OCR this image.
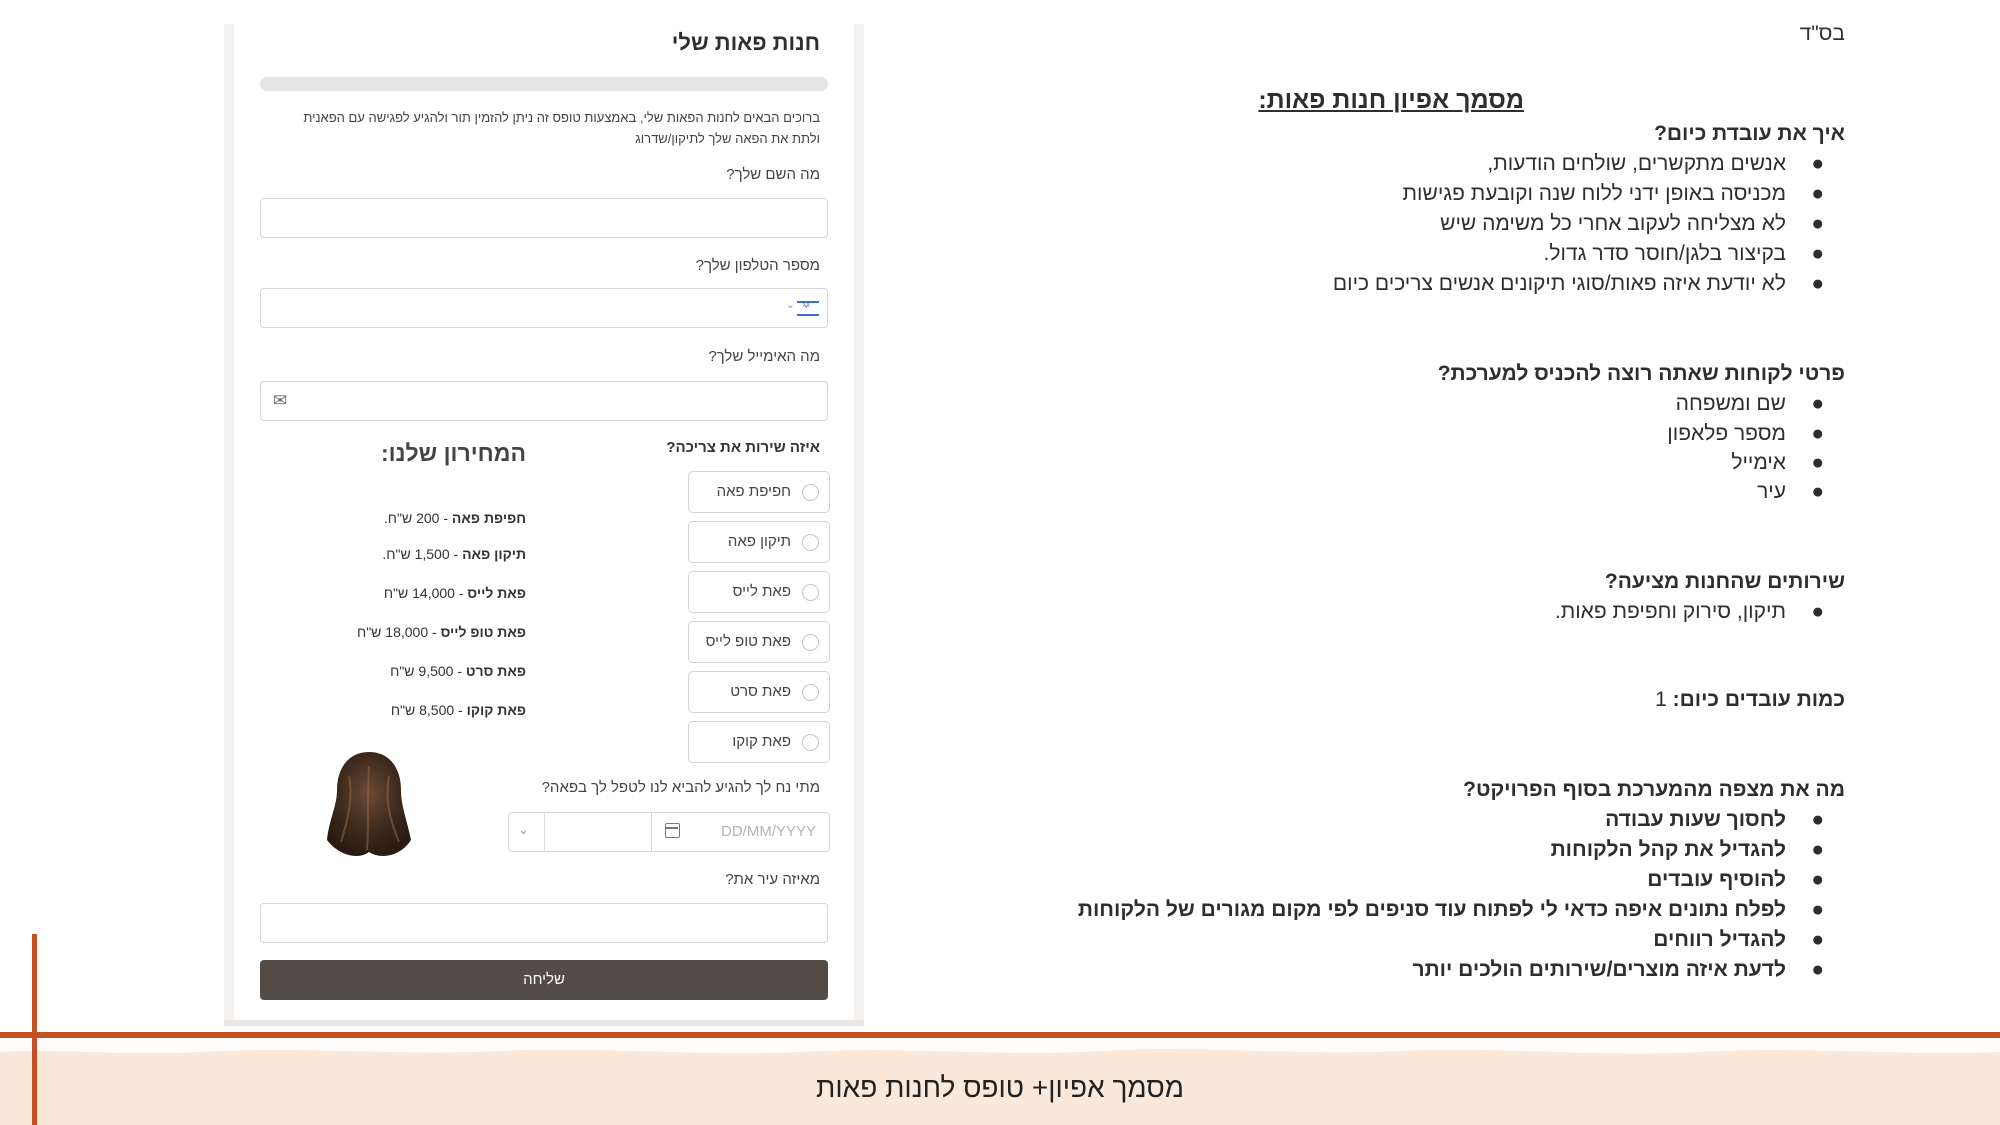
חנות פאות שלי
ברוכים הבאים לחנות הפאות שלי, באמצעות טופס זה ניתן להזמין תור ולהגיע לפגישה עם הפאנית
ולתת את הפאה שלך לתיקון/שדרוג
מה השם שלך?
מספר הטלפון שלך?
✡
⌄
מה האימייל שלך?
✉
איזה שירות את צריכה?
חפיפת פאה
תיקון פאה
פאת לייס
פאת טופ לייס
פאת סרט
פאת קוקו
המחירון שלנו:
חפיפת פאה - 200 ש"ח.
תיקון פאה - 1,500 ש"ח.
פאת לייס - 14,000 ש"ח
פאת טופ לייס - 18,000 ש"ח
פאת סרט - 9,500 ש"ח
פאת קוקו - 8,500 ש"ח
מתי נח לך להגיע להביא לנו לטפל לך בפאה?
⌄	DD/MM/YYYY
מאיזה עיר את?
שליחה
בס"ד
מסמך אפיון חנות פאות:
איך את עובדת כיום?
●
אנשים מתקשרים, שולחים הודעות,
●
מכניסה באופן ידני ללוח שנה וקובעת פגישות
●
לא מצליחה לעקוב אחרי כל משימה שיש
●
בקיצור בלגן/חוסר סדר גדול.
●
לא יודעת איזה פאות/סוגי תיקונים אנשים צריכים כיום
פרטי לקוחות שאתה רוצה להכניס למערכת?
●
שם ומשפחה
●
מספר פלאפון
●
אימייל
●
עיר
שירותים שהחנות מציעה?
●
תיקון, סירוק וחפיפת פאות.
כמות עובדים כיום: 1
מה את מצפה מהמערכת בסוף הפרויקט?
●
לחסוך שעות עבודה
●
להגדיל את קהל הלקוחות
●
להוסיף עובדים
●
לפלח נתונים איפה כדאי לי לפתוח עוד סניפים לפי מקום מגורים של הלקוחות
●
להגדיל רווחים
●
לדעת איזה מוצרים/שירותים הולכים יותר
מסמך אפיון+ טופס לחנות פאות
